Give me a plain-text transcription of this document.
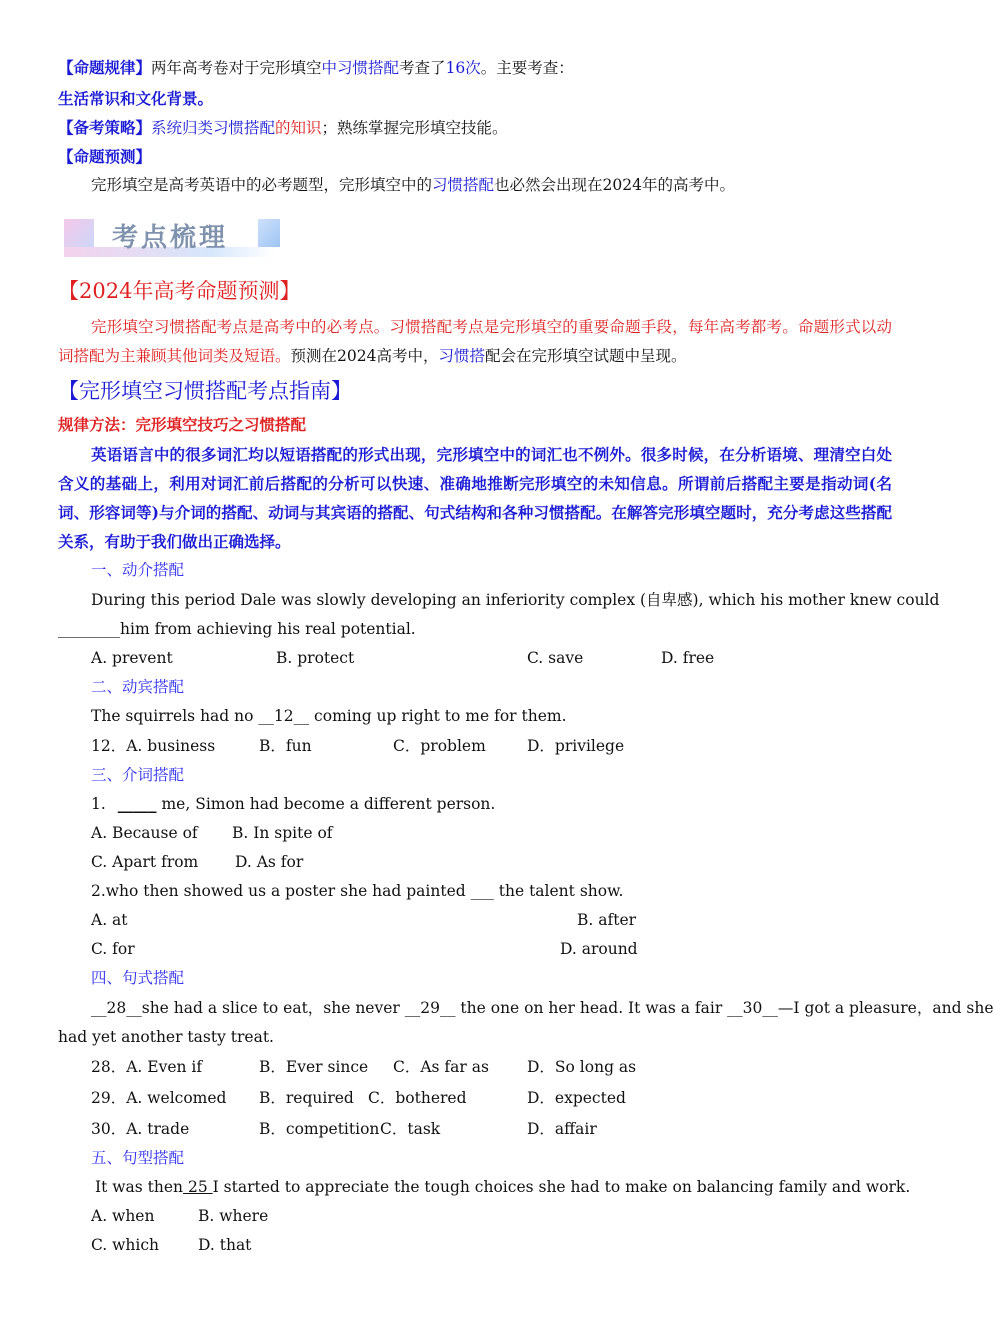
【命题规律】两年高考卷对于完形填空中习惯搭配考查了16次。主要考查：
生活常识和文化背景。
【备考策略】系统归类习惯搭配的知识；熟练掌握完形填空技能。
【命题预测】
完形填空是高考英语中的必考题型，完形填空中的习惯搭配也必然会出现在2024年的高考中。
考点梳理
【2024年高考命题预测】
完形填空习惯搭配考点是高考中的必考点。习惯搭配考点是完形填空的重要命题手段，每年高考都考。命题形式以动词搭配为主兼顾其他词类及短语。预测在2024高考中，习惯搭配会在完形填空试题中呈现。
【完形填空习惯搭配考点指南】
规律方法：完形填空技巧之习惯搭配
英语语言中的很多词汇均以短语搭配的形式出现，完形填空中的词汇也不例外。很多时候，在分析语境、理清空白处含义的基础上，利用对词汇前后搭配的分析可以快速、准确地推断完形填空的未知信息。所谓前后搭配主要是指动词(名词、形容词等)与介词的搭配、动词与其宾语的搭配、句式结构和各种习惯搭配。在解答完形填空题时，充分考虑这些搭配关系，有助于我们做出正确选择。
一、动介搭配
During this period Dale was slowly developing an inferiority complex (自卑感), which his mother knew could
________him from achieving his real potential.
A. prevent	B. protect	C. save	D. free
二、动宾搭配
The squirrels had no __12__ coming up right to me for them.
12．A. business	B．fun	C．problem	D．privilege
三、介词搭配
1. _____ me, Simon had become a different person.
A. Because of B. In spite of
C. Apart from D. As for
2.who then showed us a poster she had painted ___ the talent show.
A. at	B. after
C. for	D. around
四、句式搭配
__28__she had a slice to eat，she never __29__ the one on her head. It was a fair __30__—I got a pleasure，and she
had yet another tasty treat.
28．A. Even if	B．Ever since C．As far as D．So long as
29．A. welcomed B．required C．bothered	D．expected
30．A. trade	B．competition C．task	D．affair
五、句型搭配
It was then 25 I started to appreciate the tough choices she had to make on balancing family and work.
A. when	B. where
C. which	D. that
